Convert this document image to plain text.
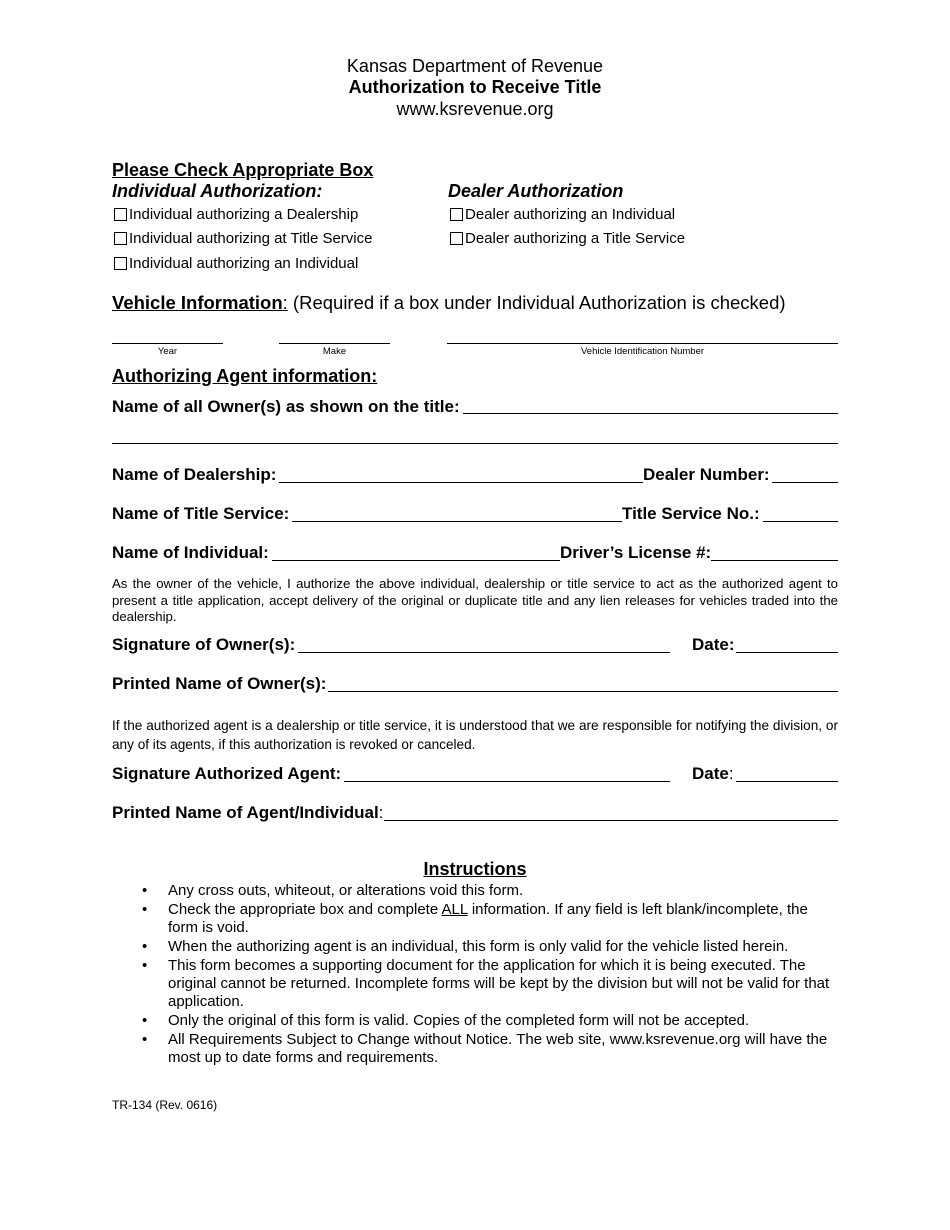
Kansas Department of Revenue
Authorization to Receive Title
www.ksrevenue.org
Please Check Appropriate Box
Individual Authorization:	Dealer Authorization
Individual authorizing a Dealership
Individual authorizing at Title Service
Individual authorizing an Individual
Dealer authorizing an Individual
Dealer authorizing a Title Service
Vehicle Information: (Required if a box under Individual Authorization is checked)
Year	Make	Vehicle Identification Number
Authorizing Agent information:
Name of all Owner(s) as shown on the title:
Name of Dealership:	Dealer Number:
Name of Title Service:	Title Service No.:
Name of Individual:	Driver’s License #:
As the owner of the vehicle, I authorize the above individual, dealership or title service to act as the authorized agent to present a title application, accept delivery of the original or duplicate title and any lien releases for vehicles traded into the dealership.
Signature of Owner(s):	Date:
Printed Name of Owner(s):
If the authorized agent is a dealership or title service, it is understood that we are responsible for notifying the division, or any of its agents, if this authorization is revoked or canceled.
Signature Authorized Agent:	Date:
Printed Name of Agent/Individual:
Instructions
• Any cross outs, whiteout, or alterations void this form.
• Check the appropriate box and complete ALL information. If any field is left blank/incomplete, the form is void.
• When the authorizing agent is an individual, this form is only valid for the vehicle listed herein.
• This form becomes a supporting document for the application for which it is being executed. The original cannot be returned. Incomplete forms will be kept by the division but will not be valid for that application.
• Only the original of this form is valid. Copies of the completed form will not be accepted.
• All Requirements Subject to Change without Notice. The web site, www.ksrevenue.org will have the most up to date forms and requirements.
TR-134 (Rev. 0616)
